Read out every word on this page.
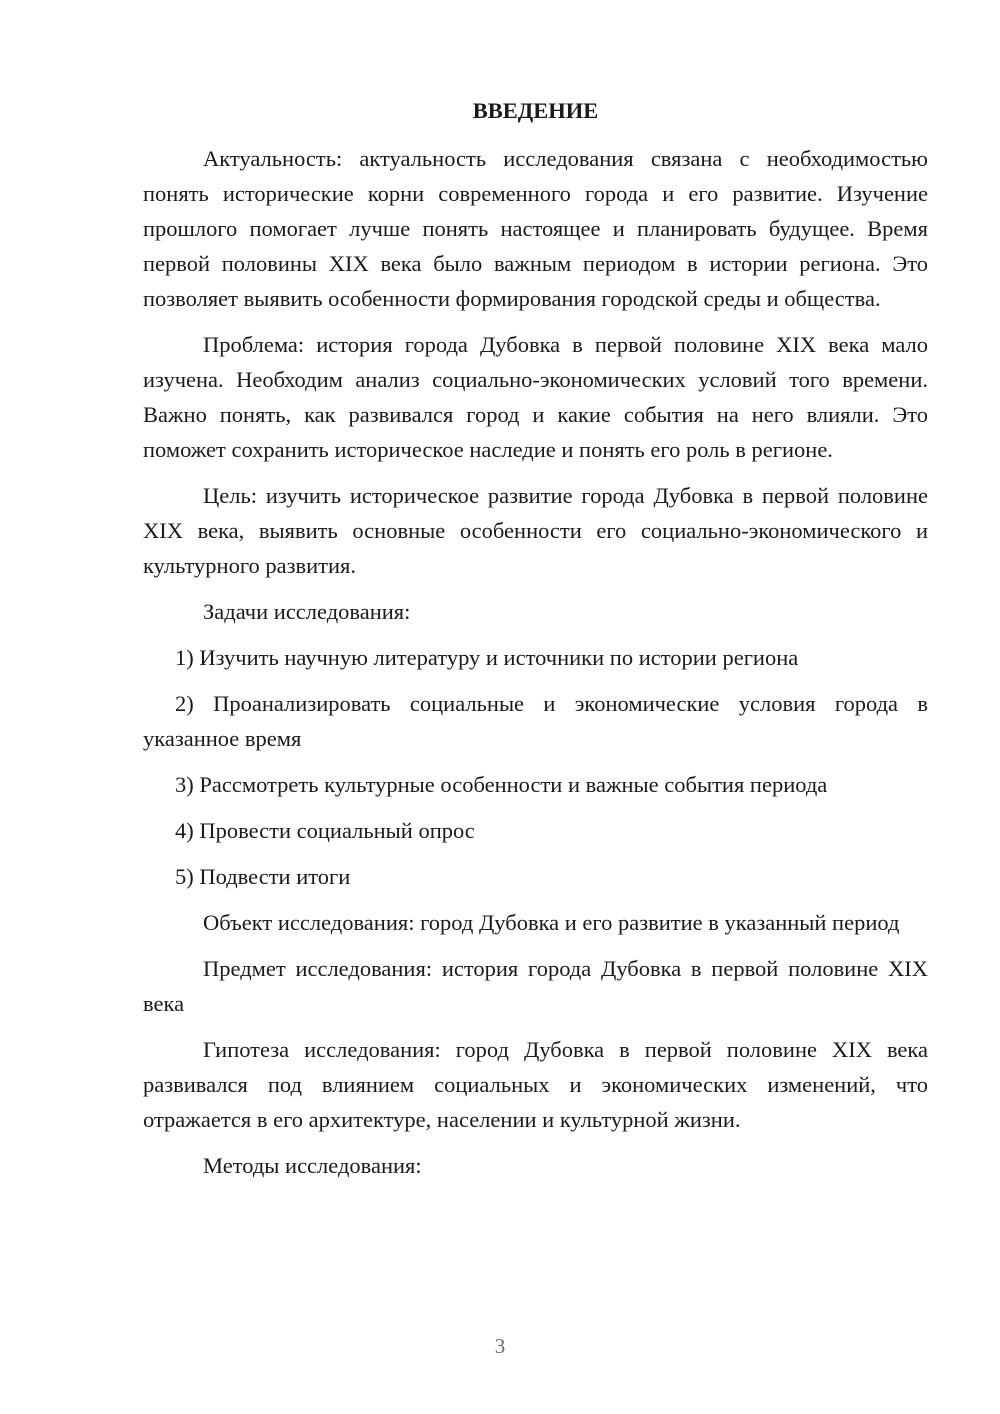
ВВЕДЕНИЕ

Актуальность: актуальность исследования связана с необходимостью понять исторические корни современного города и его развитие. Изучение прошлого помогает лучше понять настоящее и планировать будущее. Время первой половины XIX века было важным периодом в истории региона. Это позволяет выявить особенности формирования городской среды и общества.

Проблема: история города Дубовка в первой половине XIX века мало изучена. Необходим анализ социально-экономических условий того времени. Важно понять, как развивался город и какие события на него влияли. Это поможет сохранить историческое наследие и понять его роль в регионе.

Цель: изучить историческое развитие города Дубовка в первой половине XIX века, выявить основные особенности его социально-экономического и культурного развития.

Задачи исследования:

1) Изучить научную литературу и источники по истории региона

2) Проанализировать социальные и экономические условия города в указанное время

3) Рассмотреть культурные особенности и важные события периода

4) Провести социальный опрос

5) Подвести итоги

Объект исследования: город Дубовка и его развитие в указанный период

Предмет исследования: история города Дубовка в первой половине XIX века

Гипотеза исследования: город Дубовка в первой половине XIX века развивался под влиянием социальных и экономических изменений, что отражается в его архитектуре, населении и культурной жизни.

Методы исследования:

3
